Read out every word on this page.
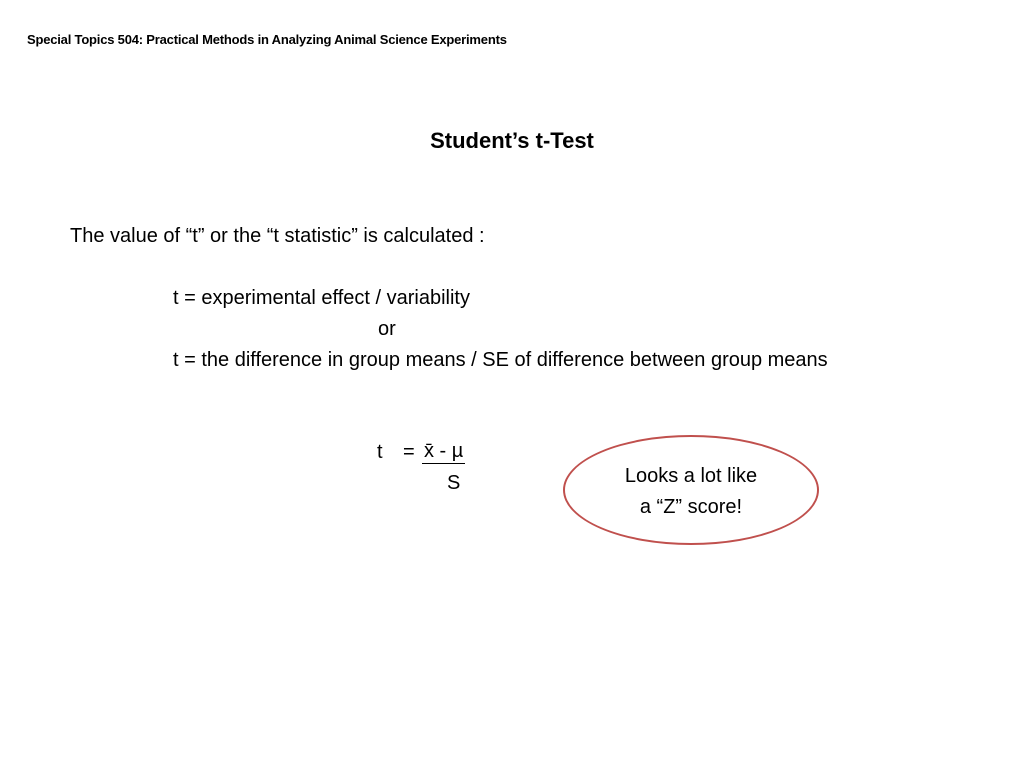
Special Topics 504: Practical Methods in Analyzing Animal Science Experiments
Student’s t-Test
The value of “t” or the “t statistic” is calculated :
t = experimental effect / variability
or
t = the difference in group means / SE of difference between group means
t = x̄ - µ
S	Looks a lot like
a “Z” score!
